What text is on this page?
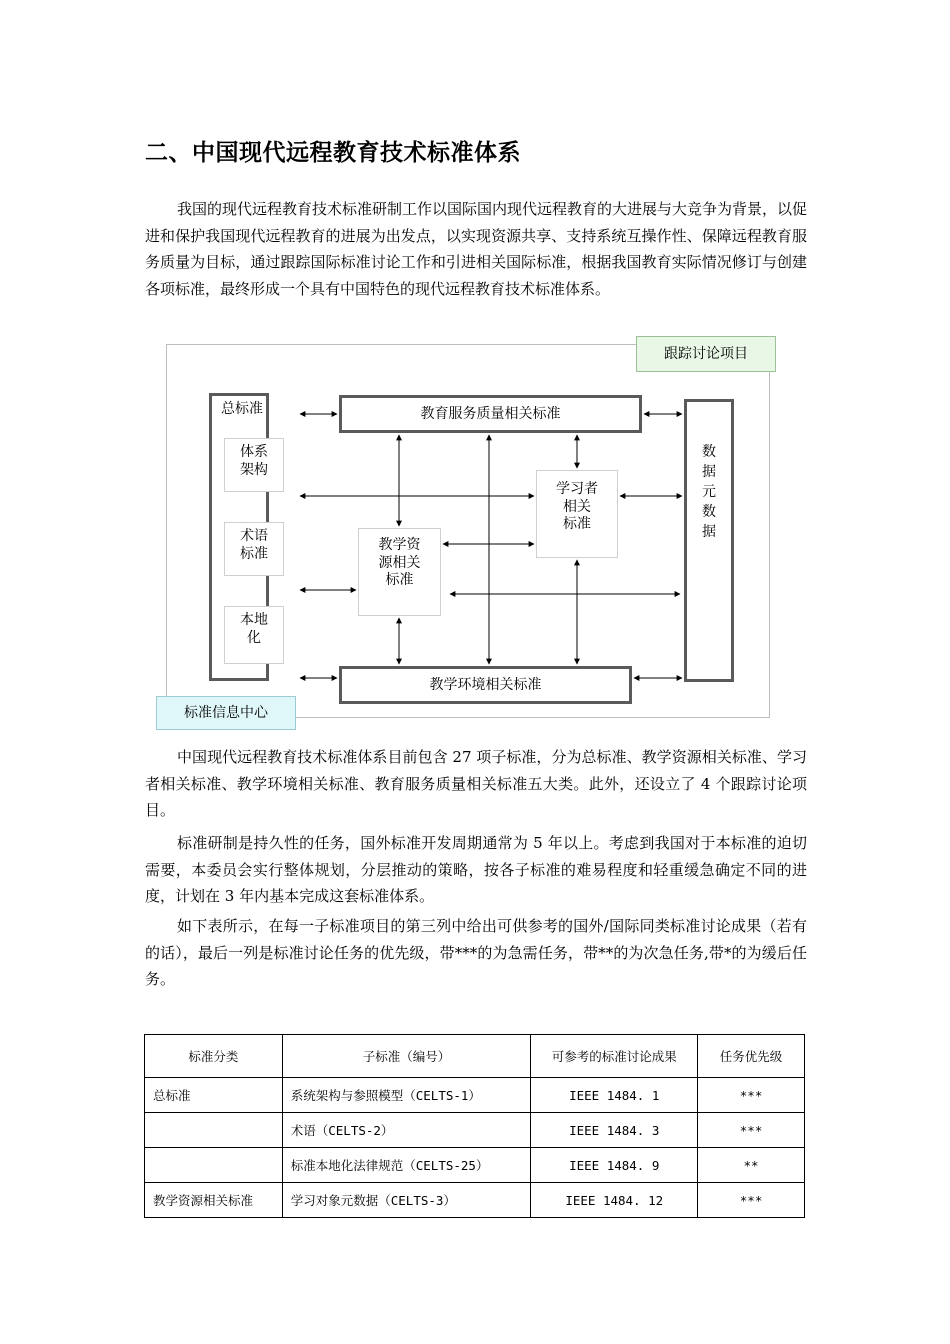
二、中国现代远程教育技术标准体系

我国的现代远程教育技术标准研制工作以国际国内现代远程教育的大进展与大竞争为背景，以促进和保护我国现代远程教育的进展为出发点，以实现资源共享、支持系统互操作性、保障远程教育服务质量为目标，通过跟踪国际标准讨论工作和引进相关国际标准，根据我国教育实际情况修订与创建各项标准，最终形成一个具有中国特色的现代远程教育技术标准体系。

跟踪讨论项目
总标准
体系
架构
术语
标准
本地
化
教育服务质量相关标准
教学环境相关标准
数据元数据
学习者
相关
标准
教学资
源相关
标准
标准信息中心

中国现代远程教育技术标准体系目前包含 27 项子标准，分为总标准、教学资源相关标准、学习者相关标准、教学环境相关标准、教育服务质量相关标准五大类。此外，还设立了 4 个跟踪讨论项目。

标准研制是持久性的任务，国外标准开发周期通常为 5 年以上。考虑到我国对于本标准的迫切需要，本委员会实行整体规划，分层推动的策略，按各子标准的难易程度和轻重缓急确定不同的进度，计划在 3 年内基本完成这套标准体系。

如下表所示，在每一子标准项目的第三列中给出可供参考的国外/国际同类标准讨论成果（若有的话），最后一列是标准讨论任务的优先级，带***的为急需任务，带**的为次急任务,带*的为缓后任务。

标准分类	子标准（编号）	可参考的标准讨论成果	任务优先级
总标准	系统架构与参照模型（CELTS-1）	IEEE 1484. 1	***
	术语（CELTS-2）	IEEE 1484. 3	***
	标准本地化法律规范（CELTS-25）	IEEE 1484. 9	**
教学资源相关标准	学习对象元数据（CELTS-3）	IEEE 1484. 12	***
